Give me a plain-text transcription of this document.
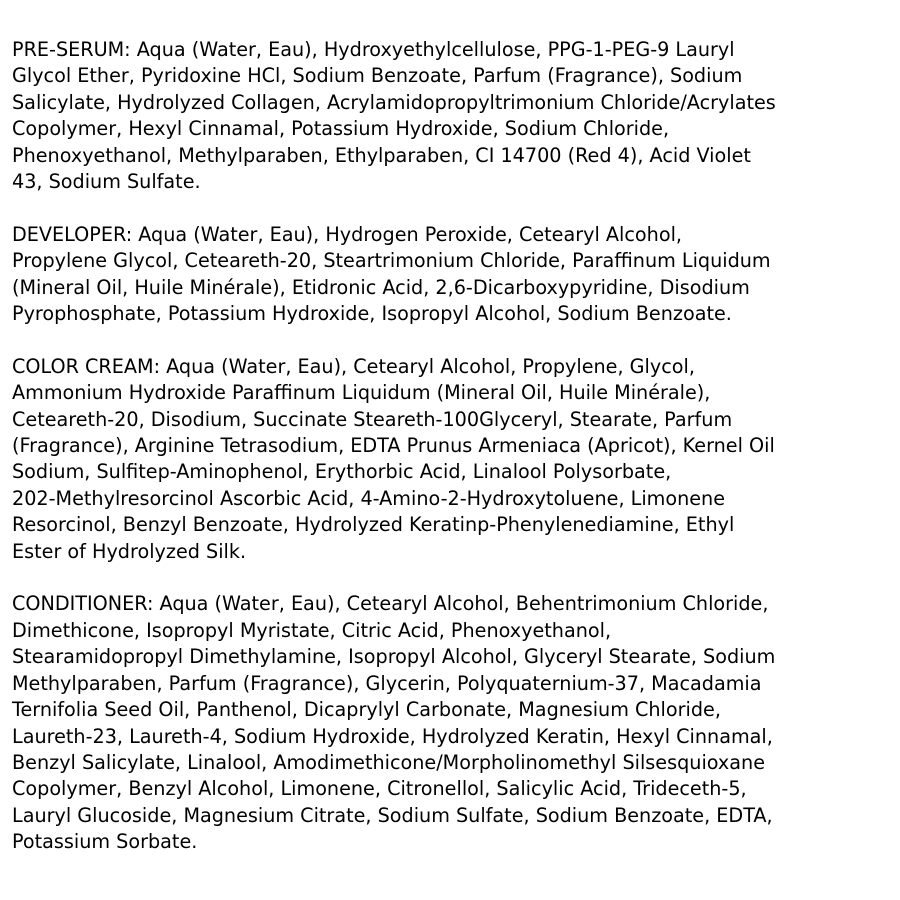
PRE-SERUM: Aqua (Water, Eau), Hydroxyethylcellulose, PPG-1-PEG-9 Lauryl
Glycol Ether, Pyridoxine HCl, Sodium Benzoate, Parfum (Fragrance), Sodium
Salicylate, Hydrolyzed Collagen, Acrylamidopropyltrimonium Chloride/Acrylates
Copolymer, Hexyl Cinnamal, Potassium Hydroxide, Sodium Chloride,
Phenoxyethanol, Methylparaben, Ethylparaben, CI 14700 (Red 4), Acid Violet
43, Sodium Sulfate.

DEVELOPER: Aqua (Water, Eau), Hydrogen Peroxide, Cetearyl Alcohol,
Propylene Glycol, Ceteareth-20, Steartrimonium Chloride, Paraffinum Liquidum
(Mineral Oil, Huile Minérale), Etidronic Acid, 2,6-Dicarboxypyridine, Disodium
Pyrophosphate, Potassium Hydroxide, Isopropyl Alcohol, Sodium Benzoate.

COLOR CREAM: Aqua (Water, Eau), Cetearyl Alcohol, Propylene, Glycol,
Ammonium Hydroxide Paraffinum Liquidum (Mineral Oil, Huile Minérale),
Ceteareth-20, Disodium, Succinate Steareth-100Glyceryl, Stearate, Parfum
(Fragrance), Arginine Tetrasodium, EDTA Prunus Armeniaca (Apricot), Kernel Oil
Sodium, Sulfitep-Aminophenol, Erythorbic Acid, Linalool Polysorbate,
202-Methylresorcinol Ascorbic Acid, 4-Amino-2-Hydroxytoluene, Limonene
Resorcinol, Benzyl Benzoate, Hydrolyzed Keratinp-Phenylenediamine, Ethyl
Ester of Hydrolyzed Silk.

CONDITIONER: Aqua (Water, Eau), Cetearyl Alcohol, Behentrimonium Chloride,
Dimethicone, Isopropyl Myristate, Citric Acid, Phenoxyethanol,
Stearamidopropyl Dimethylamine, Isopropyl Alcohol, Glyceryl Stearate, Sodium
Methylparaben, Parfum (Fragrance), Glycerin, Polyquaternium-37, Macadamia
Ternifolia Seed Oil, Panthenol, Dicaprylyl Carbonate, Magnesium Chloride,
Laureth-23, Laureth-4, Sodium Hydroxide, Hydrolyzed Keratin, Hexyl Cinnamal,
Benzyl Salicylate, Linalool, Amodimethicone/Morpholinomethyl Silsesquioxane
Copolymer, Benzyl Alcohol, Limonene, Citronellol, Salicylic Acid, Trideceth-5,
Lauryl Glucoside, Magnesium Citrate, Sodium Sulfate, Sodium Benzoate, EDTA,
Potassium Sorbate.
